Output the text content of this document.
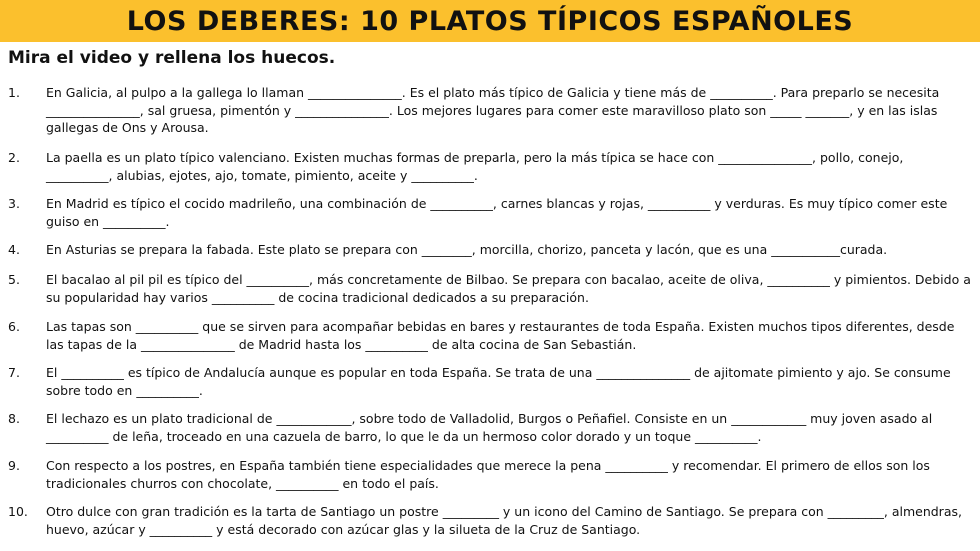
LOS DEBERES: 10 PLATOS TÍPICOS ESPAÑOLES
Mira el video y rellena los huecos.
1. En Galicia, al pulpo a la gallega lo llaman _______________. Es el plato más típico de Galicia y tiene más de __________. Para preparlo se necesita _______________, sal gruesa, pimentón y _______________. Los mejores lugares para comer este maravilloso plato son _____ _______, y en las islas gallegas de Ons y Arousa.
2. La paella es un plato típico valenciano. Existen muchas formas de preparla, pero la más típica se hace con _______________, pollo, conejo, __________, alubias, ejotes, ajo, tomate, pimiento, aceite y __________.
3. En Madrid es típico el cocido madrileño, una combinación de __________, carnes blancas y rojas, __________ y verduras. Es muy típico comer este guiso en __________.
4. En Asturias se prepara la fabada. Este plato se prepara con ________, morcilla, chorizo, panceta y lacón, que es una ___________curada.
5. El bacalao al pil pil es típico del __________, más concretamente de Bilbao. Se prepara con bacalao, aceite de oliva, __________ y pimientos. Debido a su popularidad hay varios __________ de cocina tradicional dedicados a su preparación.
6. Las tapas son __________ que se sirven para acompañar bebidas en bares y restaurantes de toda España. Existen muchos tipos diferentes, desde las tapas de la _______________ de Madrid hasta los __________ de alta cocina de San Sebastián.
7. El __________ es típico de Andalucía aunque es popular en toda España. Se trata de una _______________ de ajitomate pimiento y ajo. Se consume sobre todo en __________.
8. El lechazo es un plato tradicional de ____________, sobre todo de Valladolid, Burgos o Peñafiel. Consiste en un ____________ muy joven asado al __________ de leña, troceado en una cazuela de barro, lo que le da un hermoso color dorado y un toque __________.
9. Con respecto a los postres, en España también tiene especialidades que merece la pena __________ y recomendar. El primero de ellos son los tradicionales churros con chocolate, __________ en todo el país.
10. Otro dulce con gran tradición es la tarta de Santiago un postre _________ y un icono del Camino de Santiago. Se prepara con _________, almendras, huevo, azúcar y __________ y está decorado con azúcar glas y la silueta de la Cruz de Santiago.
